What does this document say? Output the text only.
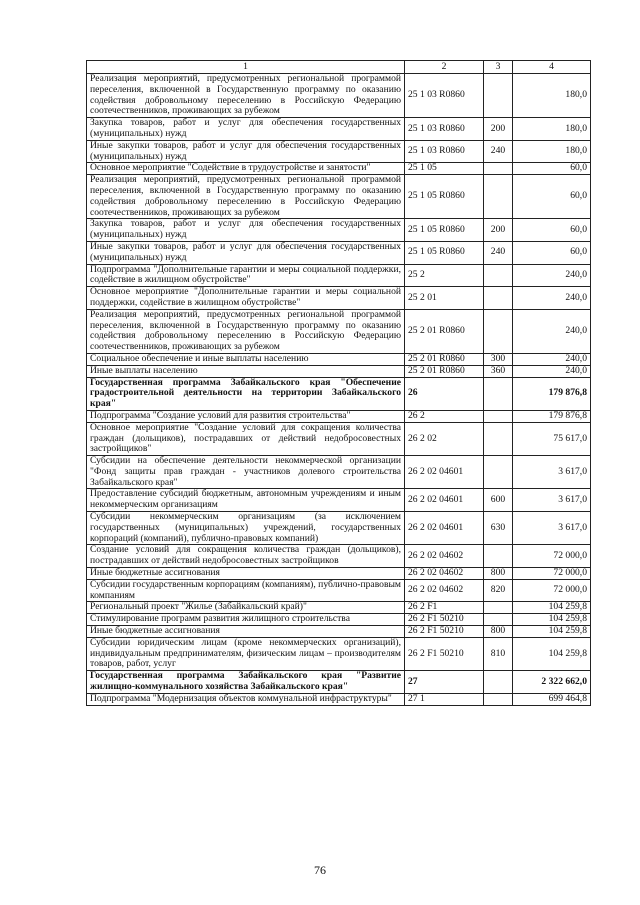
1	2	3	4
Реализация мероприятий, предусмотренных региональной программой переселения, включенной в Государственную программу по оказанию содействия добровольному переселению в Российскую Федерацию соотечественников, проживающих за рубежом	25 1 03 R0860		180,0
Закупка товаров, работ и услуг для обеспечения государственных (муниципальных) нужд	25 1 03 R0860	200	180,0
Иные закупки товаров, работ и услуг для обеспечения государственных (муниципальных) нужд	25 1 03 R0860	240	180,0
Основное мероприятие "Содействие в трудоустройстве и занятости"	25 1 05		60,0
Реализация мероприятий, предусмотренных региональной программой переселения, включенной в Государственную программу по оказанию содействия добровольному переселению в Российскую Федерацию соотечественников, проживающих за рубежом	25 1 05 R0860		60,0
Закупка товаров, работ и услуг для обеспечения государственных (муниципальных) нужд	25 1 05 R0860	200	60,0
Иные закупки товаров, работ и услуг для обеспечения государственных (муниципальных) нужд	25 1 05 R0860	240	60,0
Подпрограмма "Дополнительные гарантии и меры социальной поддержки, содействие в жилищном обустройстве"	25 2		240,0
Основное мероприятие "Дополнительные гарантии и меры социальной поддержки, содействие в жилищном обустройстве"	25 2 01		240,0
Реализация мероприятий, предусмотренных региональной программой переселения, включенной в Государственную программу по оказанию содействия добровольному переселению в Российскую Федерацию соотечественников, проживающих за рубежом	25 2 01 R0860		240,0
Социальное обеспечение и иные выплаты населению	25 2 01 R0860	300	240,0
Иные выплаты населению	25 2 01 R0860	360	240,0
Государственная программа Забайкальского края "Обеспечение градостроительной деятельности на территории Забайкальского края"	26		179 876,8
Подпрограмма "Создание условий для развития строительства"	26 2		179 876,8
Основное мероприятие "Создание условий для сокращения количества граждан (дольщиков), пострадавших от действий недобросовестных застройщиков"	26 2 02		75 617,0
Субсидии на обеспечение деятельности некоммерческой организации "Фонд защиты прав граждан - участников долевого строительства Забайкальского края"	26 2 02 04601		3 617,0
Предоставление субсидий бюджетным, автономным учреждениям и иным некоммерческим организациям	26 2 02 04601	600	3 617,0
Субсидии некоммерческим организациям (за исключением государственных (муниципальных) учреждений, государственных корпораций (компаний), публично-правовых компаний)	26 2 02 04601	630	3 617,0
Создание условий для сокращения количества граждан (дольщиков), пострадавших от действий недобросовестных застройщиков	26 2 02 04602		72 000,0
Иные бюджетные ассигнования	26 2 02 04602	800	72 000,0
Субсидии государственным корпорациям (компаниям), публично-правовым компаниям	26 2 02 04602	820	72 000,0
Региональный проект "Жилье (Забайкальский край)"	26 2 F1		104 259,8
Стимулирование программ развития жилищного строительства	26 2 F1 50210		104 259,8
Иные бюджетные ассигнования	26 2 F1 50210	800	104 259,8
Субсидии юридическим лицам (кроме некоммерческих организаций), индивидуальным предпринимателям, физическим лицам – производителям товаров, работ, услуг	26 2 F1 50210	810	104 259,8
Государственная программа Забайкальского края "Развитие жилищно-коммунального хозяйства Забайкальского края"	27		2 322 662,0
Подпрограмма "Модернизация объектов коммунальной инфраструктуры"	27 1		699 464,8
76
